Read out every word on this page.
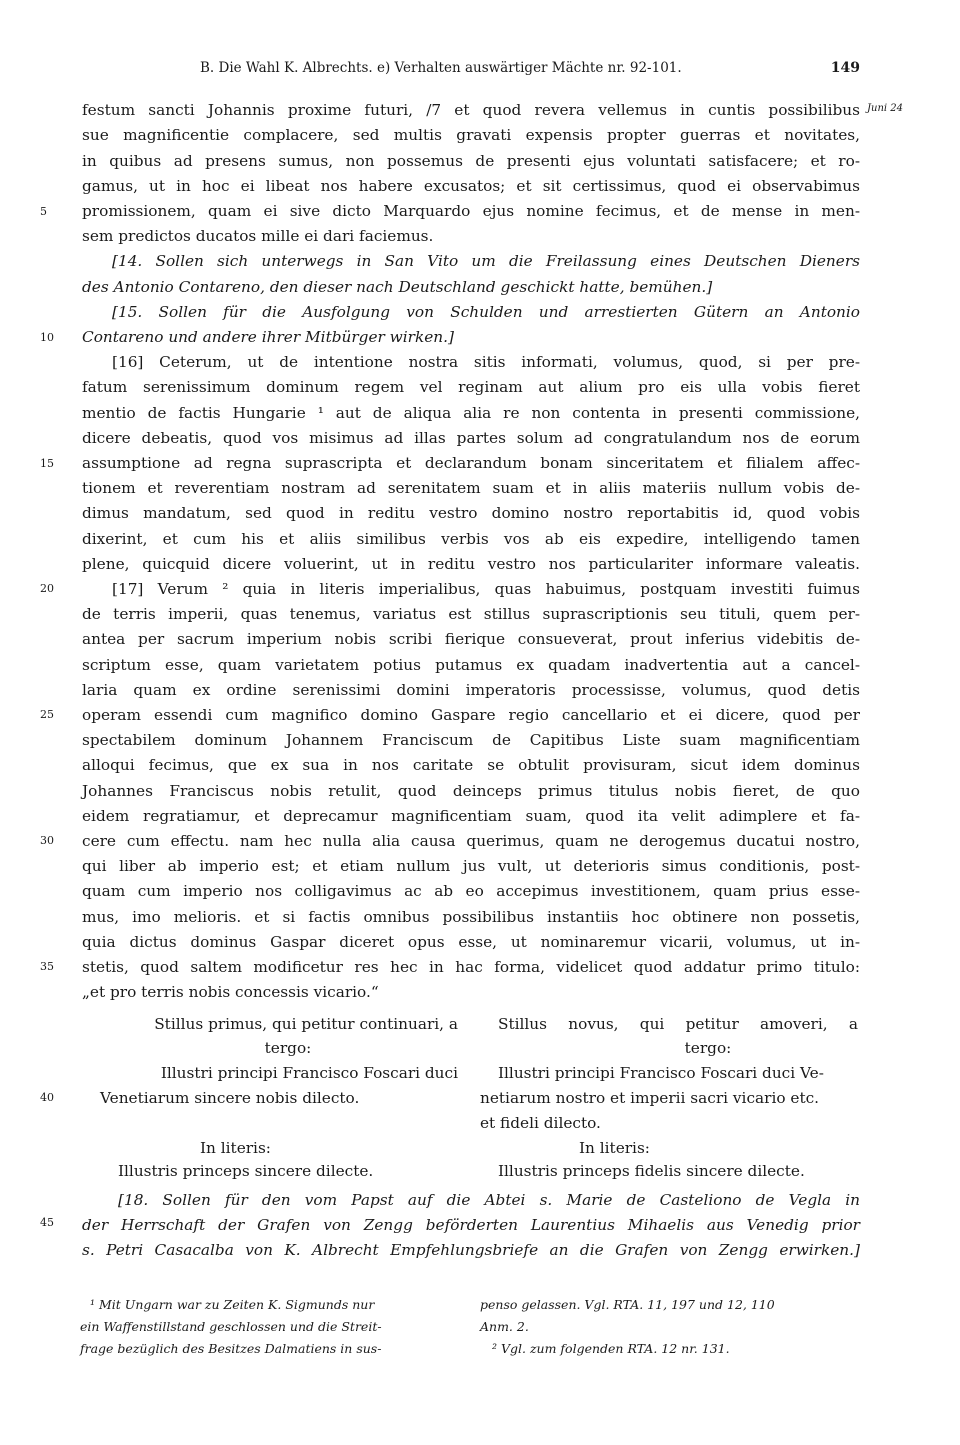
B. Die Wahl K. Albrechts. e) Verhalten auswärtiger Mächte nr. 92-101.	149
Juni 24
5
10
15
20
25
30
35
40
45
festum sancti Johannis proxime futuri, /7 et quod revera vellemus in cuntis possibilibus
sue magnificentie complacere, sed multis gravati expensis propter guerras et novitates,
in quibus ad presens sumus, non possemus de presenti ejus voluntati satisfacere; et ro-
gamus, ut in hoc ei libeat nos habere excusatos; et sit certissimus, quod ei observabimus
promissionem, quam ei sive dicto Marquardo ejus nomine fecimus, et de mense in men-
sem predictos ducatos mille ei dari faciemus.
[14. Sollen sich unterwegs in San Vito um die Freilassung eines Deutschen Dieners
des Antonio Contareno, den dieser nach Deutschland geschickt hatte, bemühen.]
[15. Sollen für die Ausfolgung von Schulden und arrestierten Gütern an Antonio
Contareno und andere ihrer Mitbürger wirken.]
[16] Ceterum, ut de intentione nostra sitis informati, volumus, quod, si per pre-
fatum serenissimum dominum regem vel reginam aut alium pro eis ulla vobis fieret
mentio de factis Hungarie ¹ aut de aliqua alia re non contenta in presenti commissione,
dicere debeatis, quod vos misimus ad illas partes solum ad congratulandum nos de eorum
assumptione ad regna suprascripta et declarandum bonam sinceritatem et filialem affec-
tionem et reverentiam nostram ad serenitatem suam et in aliis materiis nullum vobis de-
dimus mandatum, sed quod in reditu vestro domino nostro reportabitis id, quod vobis
dixerint, et cum his et aliis similibus verbis vos ab eis expedire, intelligendo tamen
plene, quicquid dicere voluerint, ut in reditu vestro nos particulariter informare valeatis.
[17] Verum ² quia in literis imperialibus, quas habuimus, postquam investiti fuimus
de terris imperii, quas tenemus, variatus est stillus suprascriptionis seu tituli, quem per-
antea per sacrum imperium nobis scribi fierique consueverat, prout inferius videbitis de-
scriptum esse, quam varietatem potius putamus ex quadam inadvertentia aut a cancel-
laria quam ex ordine serenissimi domini imperatoris processisse, volumus, quod detis
operam essendi cum magnifico domino Gaspare regio cancellario et ei dicere, quod per
spectabilem dominum Johannem Franciscum de Capitibus Liste suam magnificentiam
alloqui fecimus, que ex sua in nos caritate se obtulit provisuram, sicut idem dominus
Johannes Franciscus nobis retulit, quod deinceps primus titulus nobis fieret, de quo
eidem regratiamur, et deprecamur magnificentiam suam, quod ita velit adimplere et fa-
cere cum effectu. nam hec nulla alia causa querimus, quam ne derogemus ducatui nostro,
qui liber ab imperio est; et etiam nullum jus vult, ut deterioris simus conditionis, post-
quam cum imperio nos colligavimus ac ab eo accepimus investitionem, quam prius esse-
mus, imo melioris. et si factis omnibus possibilibus instantiis hoc obtinere non possetis,
quia dictus dominus Gaspar diceret opus esse, ut nominaremur vicarii, volumus, ut in-
stetis, quod saltem modificetur res hec in hac forma, videlicet quod addatur primo titulo:
„et pro terris nobis concessis vicario.“
Stillus primus, qui petitur continuari, a
tergo:
Illustri principi Francisco Foscari duci
Venetiarum sincere nobis dilecto.
In literis:
Illustris princeps sincere dilecte.
Stillus novus, qui petitur amoveri, a
tergo:
Illustri principi Francisco Foscari duci Ve-
netiarum nostro et imperii sacri vicario etc.
et fideli dilecto.
In literis:
Illustris princeps fidelis sincere dilecte.
[18. Sollen für den vom Papst auf die Abtei s. Marie de Casteliono de Vegla in
der Herrschaft der Grafen von Zengg beförderten Laurentius Mihaelis aus Venedig prior
s. Petri Casacalba von K. Albrecht Empfehlungsbriefe an die Grafen von Zengg erwirken.]
¹ Mit Ungarn war zu Zeiten K. Sigmunds nur
ein Waffenstillstand geschlossen und die Streit-
frage bezüglich des Besitzes Dalmatiens in sus-
penso gelassen. Vgl. RTA. 11, 197 und 12, 110
Anm. 2.
² Vgl. zum folgenden RTA. 12 nr. 131.
